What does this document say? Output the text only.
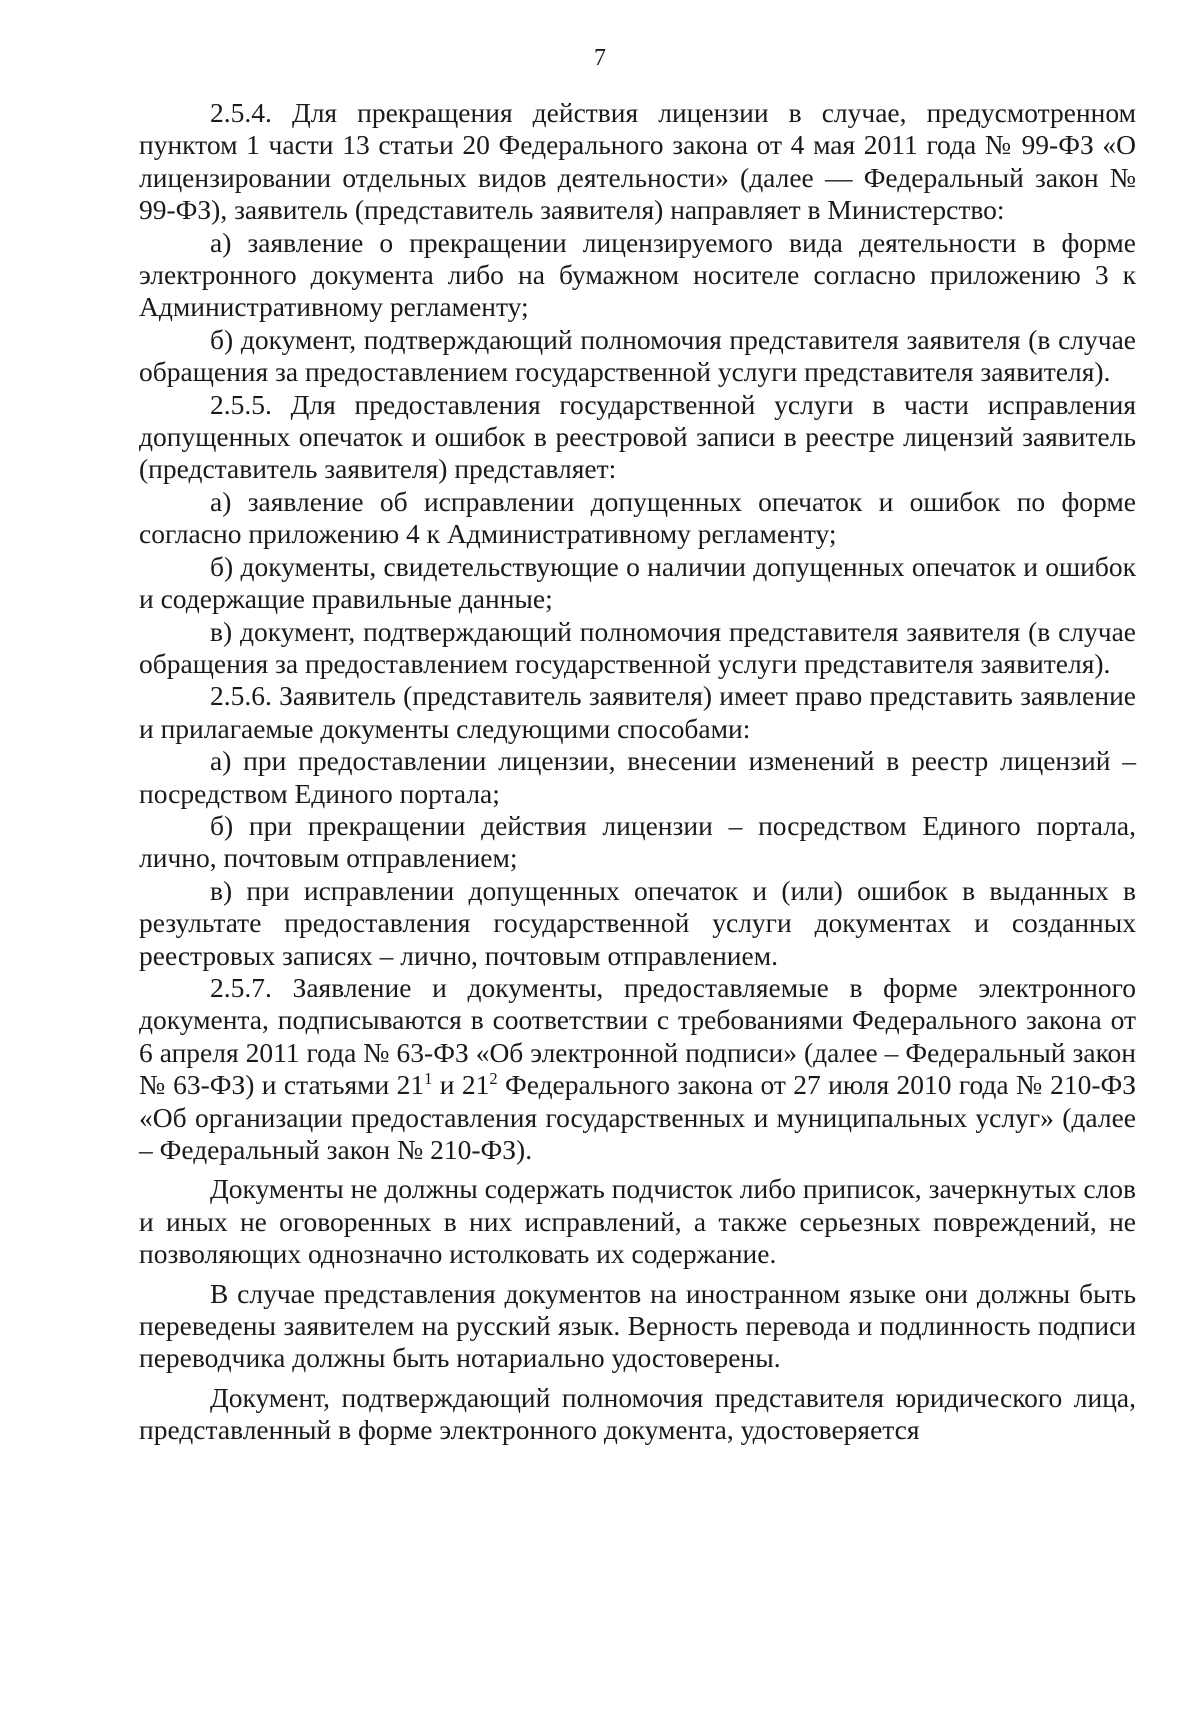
7

2.5.4. Для прекращения действия лицензии в случае, предусмотренном пунктом 1 части 13 статьи 20 Федерального закона от 4 мая 2011 года № 99-ФЗ «О лицензировании отдельных видов деятельности» (далее — Федеральный закон № 99-ФЗ), заявитель (представитель заявителя) направляет в Министерство:

а) заявление о прекращении лицензируемого вида деятельности в форме электронного документа либо на бумажном носителе согласно приложению 3 к Административному регламенту;

б) документ, подтверждающий полномочия представителя заявителя (в случае обращения за предоставлением государственной услуги представителя заявителя).

2.5.5. Для предоставления государственной услуги в части исправления допущенных опечаток и ошибок в реестровой записи в реестре лицензий заявитель (представитель заявителя) представляет:

а) заявление об исправлении допущенных опечаток и ошибок по форме согласно приложению 4 к Административному регламенту;

б) документы, свидетельствующие о наличии допущенных опечаток и ошибок и содержащие правильные данные;

в) документ, подтверждающий полномочия представителя заявителя (в случае обращения за предоставлением государственной услуги представителя заявителя).

2.5.6. Заявитель (представитель заявителя) имеет право представить заявление и прилагаемые документы следующими способами:

а) при предоставлении лицензии, внесении изменений в реестр лицензий – посредством Единого портала;

б) при прекращении действия лицензии – посредством Единого портала, лично, почтовым отправлением;

в) при исправлении допущенных опечаток и (или) ошибок в выданных в результате предоставления государственной услуги документах и созданных реестровых записях – лично, почтовым отправлением.

2.5.7. Заявление и документы, предоставляемые в форме электронного документа, подписываются в соответствии с требованиями Федерального закона от 6 апреля 2011 года № 63-ФЗ «Об электронной подписи» (далее – Федеральный закон № 63-ФЗ) и статьями $21^1$ и $21^2$ Федерального закона от 27 июля 2010 года № 210-ФЗ «Об организации предоставления государственных и муниципальных услуг» (далее – Федеральный закон № 210-ФЗ).

Документы не должны содержать подчисток либо приписок, зачеркнутых слов и иных не оговоренных в них исправлений, а также серьезных повреждений, не позволяющих однозначно истолковать их содержание.

В случае представления документов на иностранном языке они должны быть переведены заявителем на русский язык. Верность перевода и подлинность подписи переводчика должны быть нотариально удостоверены.

Документ, подтверждающий полномочия представителя юридического лица, представленный в форме электронного документа, удостоверяется
